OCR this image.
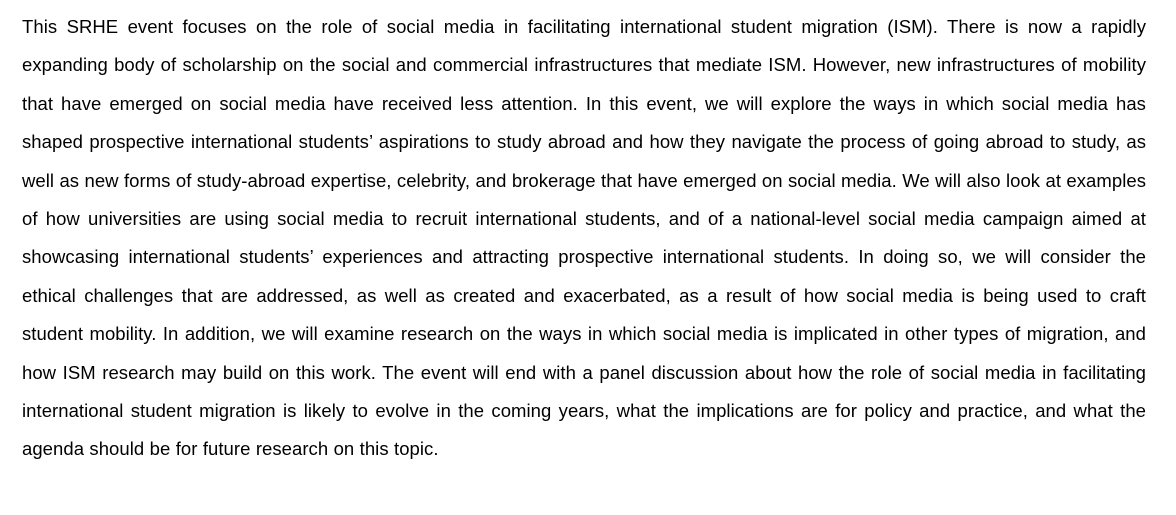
This SRHE event focuses on the role of social media in facilitating international student migration (ISM). There is now a rapidly expanding body of scholarship on the social and commercial infrastructures that mediate ISM. However, new infrastructures of mobility that have emerged on social media have received less attention. In this event, we will explore the ways in which social media has shaped prospective international students’ aspirations to study abroad and how they navigate the process of going abroad to study, as well as new forms of study-abroad expertise, celebrity, and brokerage that have emerged on social media. We will also look at examples of how universities are using social media to recruit international students, and of a national-level social media campaign aimed at showcasing international students’ experiences and attracting prospective international students. In doing so, we will consider the ethical challenges that are addressed, as well as created and exacerbated, as a result of how social media is being used to craft student mobility. In addition, we will examine research on the ways in which social media is implicated in other types of migration, and how ISM research may build on this work. The event will end with a panel discussion about how the role of social media in facilitating international student migration is likely to evolve in the coming years, what the implications are for policy and practice, and what the agenda should be for future research on this topic.
